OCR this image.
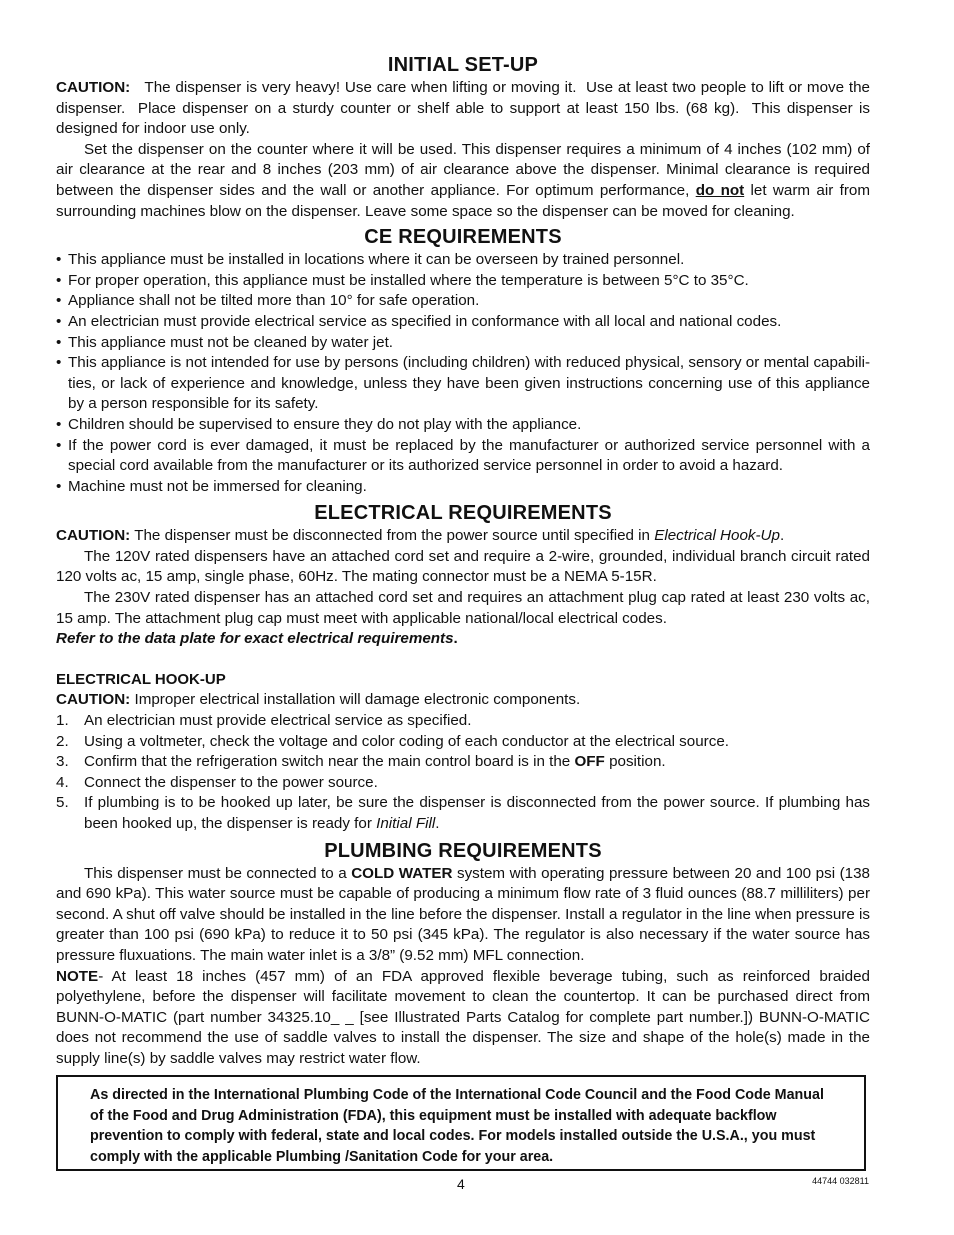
INITIAL SET-UP

CAUTION:   The dispenser is very heavy! Use care when lifting or moving it.  Use at least two people to lift or move the dispenser.  Place dispenser on a sturdy counter or shelf able to support at least 150 lbs. (68 kg).  This dispenser is designed for indoor use only.

Set the dispenser on the counter where it will be used. This dispenser requires a minimum of 4 inches (102 mm) of air clearance at the rear and 8 inches (203 mm) of air clearance above the dispenser. Minimal clearance is required between the dispenser sides and the wall or another appliance. For optimum performance, do not let warm air from surrounding machines blow on the dispenser. Leave some space so the dispenser can be moved for cleaning.

CE REQUIREMENTS
• This appliance must be installed in locations where it can be overseen by trained personnel.
• For proper operation, this appliance must be installed where the temperature is between 5°C to 35°C.
• Appliance shall not be tilted more than 10° for safe operation.
• An electrician must provide electrical service as specified in conformance with all local and national codes.
• This appliance must not be cleaned by water jet.
• This appliance is not intended for use by persons (including children) with reduced physical, sensory or mental capabili-ties, or lack of experience and knowledge, unless they have been given instructions concerning use of this appliance by a person responsible for its safety.
• Children should be supervised to ensure they do not play with the appliance.
• If the power cord is ever damaged, it must be replaced by the manufacturer or authorized service personnel with a special cord available from the manufacturer or its authorized service personnel in order to avoid a hazard.
• Machine must not be immersed for cleaning.
ELECTRICAL REQUIREMENTS

CAUTION: The dispenser must be disconnected from the power source until specified in Electrical Hook-Up.

The 120V rated dispensers have an attached cord set and require a 2-wire, grounded, individual branch circuit rated 120 volts ac, 15 amp, single phase, 60Hz. The mating connector must be a NEMA 5-15R.

The 230V rated dispenser has an attached cord set and requires an attachment plug cap rated at least 230 volts ac, 15 amp. The attachment plug cap must meet with applicable national/local electrical codes.

Refer to the data plate for exact electrical requirements.

ELECTRICAL HOOK-UP

CAUTION: Improper electrical installation will damage electronic components.

1. An electrician must provide electrical service as specified.
2. Using a voltmeter, check the voltage and color coding of each conductor at the electrical source.
3. Confirm that the refrigeration switch near the main control board is in the OFF position.
4. Connect the dispenser to the power source.
5. If plumbing is to be hooked up later, be sure the dispenser is disconnected from the power source. If plumbing has been hooked up, the dispenser is ready for Initial Fill.
PLUMBING REQUIREMENTS

This dispenser must be connected to a COLD WATER system with operating pressure between 20 and 100 psi (138 and 690 kPa). This water source must be capable of producing a minimum flow rate of 3 fluid ounces (88.7 milliliters) per second. A shut off valve should be installed in the line before the dispenser. Install a regulator in the line when pressure is greater than 100 psi (690 kPa) to reduce it to 50 psi (345 kPa). The regulator is also necessary if the water source has pressure fluxuations. The main water inlet is a 3/8” (9.52 mm) MFL connection.

NOTE- At least 18 inches (457 mm) of an FDA approved flexible beverage tubing, such as reinforced braided polyethylene, before the dispenser will facilitate movement to clean the countertop. It can be purchased direct from BUNN-O-MATIC (part number 34325.10_ _ [see Illustrated Parts Catalog for complete part number.]) BUNN-O-MATIC does not recommend the use of saddle valves to install the dispenser. The size and shape of the hole(s) made in the supply line(s) by saddle valves may restrict water flow.

As directed in the International Plumbing Code of the International Code Council and the Food Code Manual of the Food and Drug Administration (FDA), this equipment must be installed with adequate backflow prevention to comply with federal, state and local codes. For models installed outside the U.S.A., you must comply with the applicable Plumbing /Sanitation Code for your area.

4	44744 032811
